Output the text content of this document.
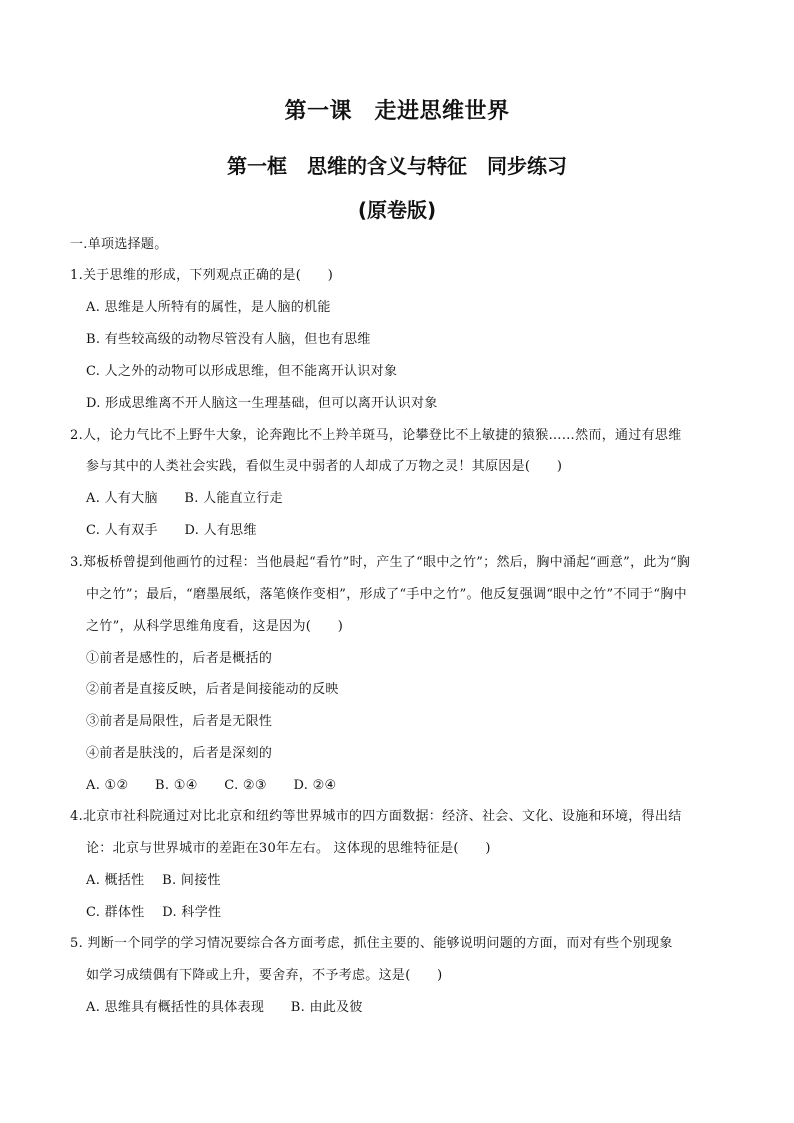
第一课　走进思维世界
第一框　思维的含义与特征　同步练习
(原卷版)
一.单项选择题。
1.关于思维的形成，下列观点正确的是(　　)
A. 思维是人所特有的属性，是人脑的机能
B. 有些较高级的动物尽管没有人脑，但也有思维
C. 人之外的动物可以形成思维，但不能离开认识对象
D. 形成思维离不开人脑这一生理基础，但可以离开认识对象
2.人，论力气比不上野牛大象，论奔跑比不上羚羊斑马，论攀登比不上敏捷的猿猴……然而，通过有思维
参与其中的人类社会实践，看似生灵中弱者的人却成了万物之灵！其原因是(　　)
A. 人有大脑　　B. 人能直立行走
C. 人有双手　　D. 人有思维
3.郑板桥曾提到他画竹的过程：当他晨起“看竹”时，产生了“眼中之竹”；然后，胸中涌起“画意”，此为“胸
中之竹”；最后，“磨墨展纸，落笔倏作变相”，形成了“手中之竹”。他反复强调“眼中之竹”不同于“胸中
之竹”，从科学思维角度看，这是因为(　　)
①前者是感性的，后者是概括的
②前者是直接反映，后者是间接能动的反映
③前者是局限性，后者是无限性
④前者是肤浅的，后者是深刻的
A. ①②　　B. ①④　　C. ②③　　D. ②④
4.北京市社科院通过对比北京和纽约等世界城市的四方面数据：经济、社会、文化、设施和环境，得出结
论：北京与世界城市的差距在30年左右。 这体现的思维特征是(　　)
A. 概括性　 B. 间接性
C. 群体性　 D. 科学性
5. 判断一个同学的学习情况要综合各方面考虑，抓住主要的、能够说明问题的方面，而对有些个别现象
如学习成绩偶有下降或上升，要舍弃，不予考虑。这是(　　)
A. 思维具有概括性的具体表现　　B. 由此及彼
